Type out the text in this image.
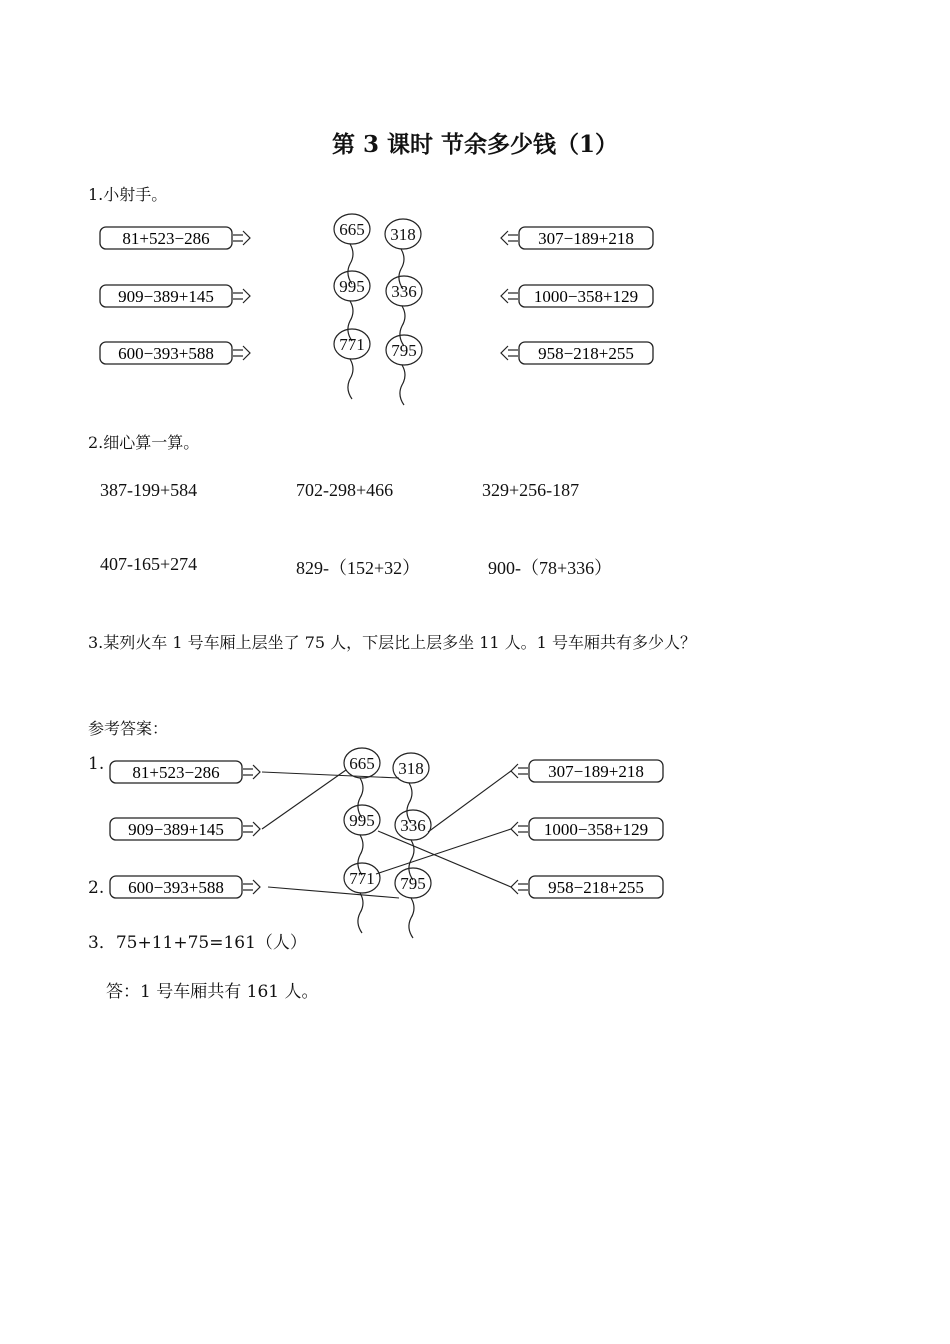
第 3 课时 节余多少钱（1）
1.小射手。
2.细心算一算。
387-199+584	702-298+466	329+256-187
407-165+274	829-（152+32）	900-（78+336）
3.某列火车 1 号车厢上层坐了 75 人，下层比上层多坐 11 人。1 号车厢共有多少人？
参考答案：
1.
2.
3．75+11+75=161（人）
答：1 号车厢共有 161 人。
81+523−286
909−389+145
600−393+588
307−189+218
1000−358+129
958−218+255
665
995
771
318
336
795
81+523−286
909−389+145
600−393+588
307−189+218
1000−358+129
958−218+255
665
995
771
318
336
795
